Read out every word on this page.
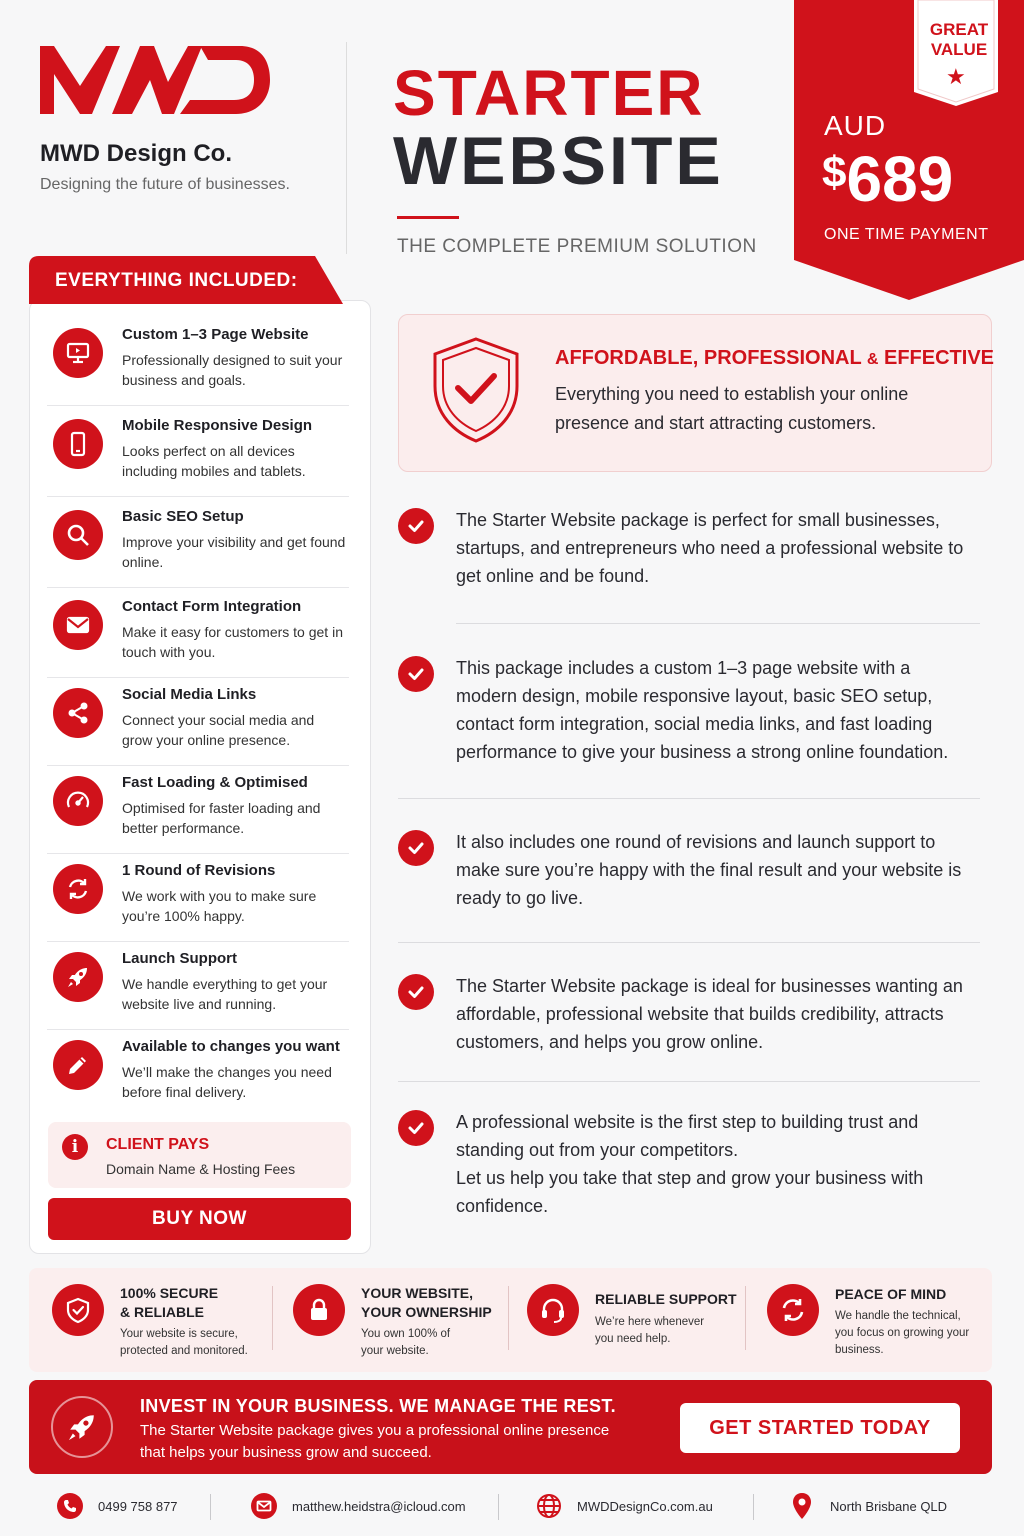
MWD Design Co.
Designing the future of businesses.
STARTER
WEBSITE
THE COMPLETE PREMIUM SOLUTION
GREAT
VALUE
★
AUD
$689
ONE TIME PAYMENT
EVERYTHING INCLUDED:
Custom 1–3 Page Website
Professionally designed to suit your business and goals.
Mobile Responsive Design
Looks perfect on all devices including mobiles and tablets.
Basic SEO Setup
Improve your visibility and get found online.
Contact Form Integration
Make it easy for customers to get in touch with you.
Social Media Links
Connect your social media and grow your online presence.
Fast Loading & Optimised
Optimised for faster loading and better performance.
1 Round of Revisions
We work with you to make sure you’re 100% happy.
Launch Support
We handle everything to get your website live and running.
Available to changes you want
We’ll make the changes you need before final delivery.
i	CLIENT PAYS
Domain Name & Hosting Fees
BUY NOW
AFFORDABLE, PROFESSIONAL & EFFECTIVE
Everything you need to establish your online presence and start attracting customers.
The Starter Website package is perfect for small businesses, startups, and entrepreneurs who need a professional website to get online and be found.
This package includes a custom 1–3 page website with a modern design, mobile responsive layout, basic SEO setup, contact form integration, social media links, and fast loading performance to give your business a strong online foundation.
It also includes one round of revisions and launch support to make sure you’re happy with the final result and your website is ready to go live.
The Starter Website package is ideal for businesses wanting an affordable, professional website that builds credibility, attracts customers, and helps you grow online.
A professional website is the first step to building trust and standing out from your competitors.
Let us help you take that step and grow your business with confidence.
100% SECURE
& RELIABLE
Your website is secure, protected and monitored.
YOUR WEBSITE,
YOUR OWNERSHIP
You own 100% of your website.
RELIABLE SUPPORT
We’re here whenever you need help.
PEACE OF MIND
We handle the technical, you focus on growing your business.
INVEST IN YOUR BUSINESS. WE MANAGE THE REST.
The Starter Website package gives you a professional online presence that helps your business grow and succeed.
GET STARTED TODAY
0499 758 877	matthew.heidstra@icloud.com	MWDDesignCo.com.au	North Brisbane QLD
